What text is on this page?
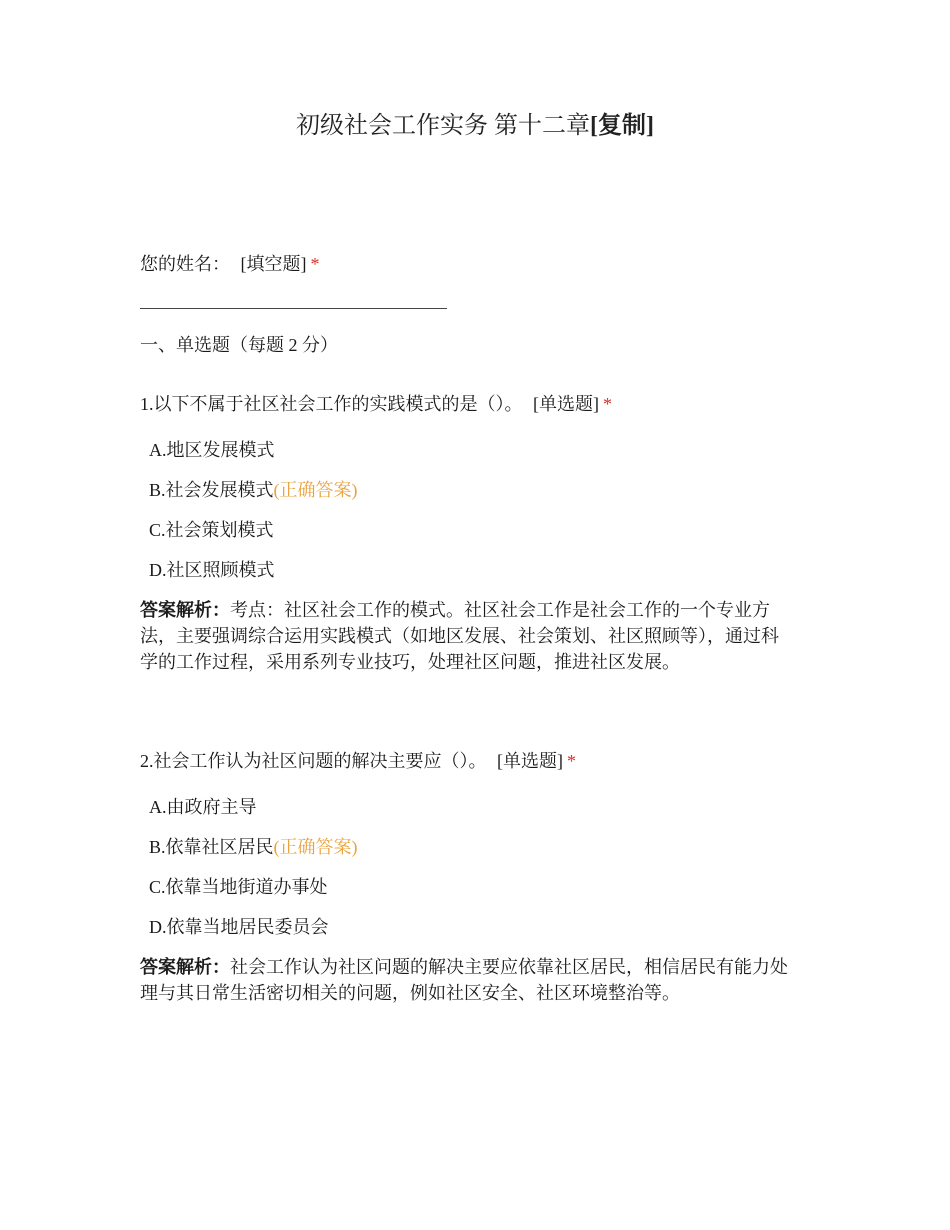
初级社会工作实务 第十二章[复制]
您的姓名： [填空题] *
一、单选题（每题 2 分）
1.以下不属于社区社会工作的实践模式的是（）。 [单选题] *
A.地区发展模式
B.社会发展模式(正确答案)
C.社会策划模式
D.社区照顾模式
答案解析：考点：社区社会工作的模式。社区社会工作是社会工作的一个专业方
法，主要强调综合运用实践模式（如地区发展、社会策划、社区照顾等），通过科
学的工作过程，采用系列专业技巧，处理社区问题，推进社区发展。
2.社会工作认为社区问题的解决主要应（）。 [单选题] *
A.由政府主导
B.依靠社区居民(正确答案)
C.依靠当地街道办事处
D.依靠当地居民委员会
答案解析：社会工作认为社区问题的解决主要应依靠社区居民，相信居民有能力处
理与其日常生活密切相关的问题，例如社区安全、社区环境整治等。
